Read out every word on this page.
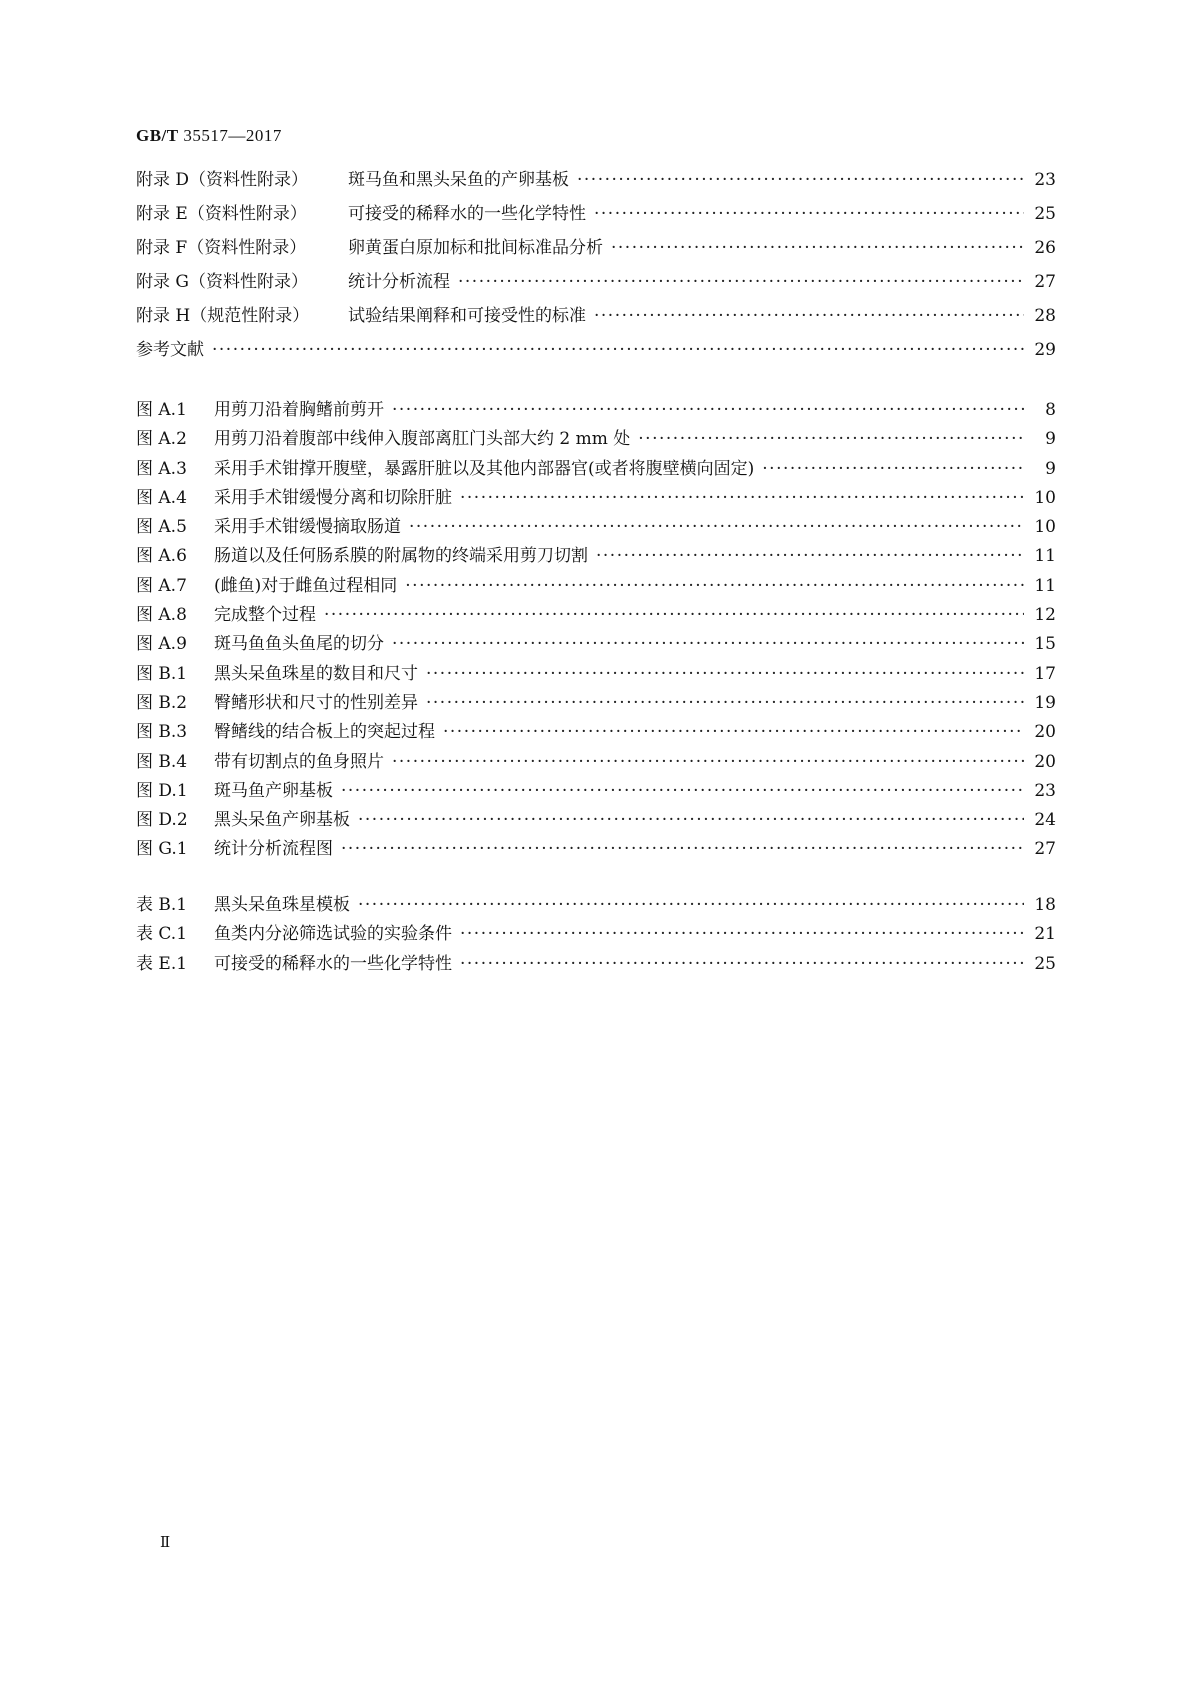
GB/T 35517—2017
附录 D（资料性附录）	斑马鱼和黑头呆鱼的产卵基板 ·····	23
附录 E（资料性附录）	可接受的稀释水的一些化学特性 ·····	25
附录 F（资料性附录）	卵黄蛋白原加标和批间标准品分析 ·····	26
附录 G（资料性附录）	统计分析流程 ·····	27
附录 H（规范性附录）	试验结果阐释和可接受性的标准 ·····	28
参考文献 ·····	29
图 A.1	用剪刀沿着胸鳍前剪开 ·····	8
图 A.2	用剪刀沿着腹部中线伸入腹部离肛门头部大约 2 mm 处 ·····	9
图 A.3	采用手术钳撑开腹壁，暴露肝脏以及其他内部器官(或者将腹壁横向固定) ·····	9
图 A.4	采用手术钳缓慢分离和切除肝脏 ·····	10
图 A.5	采用手术钳缓慢摘取肠道 ·····	10
图 A.6	肠道以及任何肠系膜的附属物的终端采用剪刀切割 ·····	11
图 A.7	(雌鱼)对于雌鱼过程相同 ·····	11
图 A.8	完成整个过程 ·····	12
图 A.9	斑马鱼鱼头鱼尾的切分 ·····	15
图 B.1	黑头呆鱼珠星的数目和尺寸 ·····	17
图 B.2	臀鳍形状和尺寸的性别差异 ·····	19
图 B.3	臀鳍线的结合板上的突起过程 ·····	20
图 B.4	带有切割点的鱼身照片 ·····	20
图 D.1	斑马鱼产卵基板 ·····	23
图 D.2	黑头呆鱼产卵基板 ·····	24
图 G.1	统计分析流程图 ·····	27
表 B.1	黑头呆鱼珠星模板 ·····	18
表 C.1	鱼类内分泌筛选试验的实验条件 ·····	21
表 E.1	可接受的稀释水的一些化学特性 ·····	25
Ⅱ
